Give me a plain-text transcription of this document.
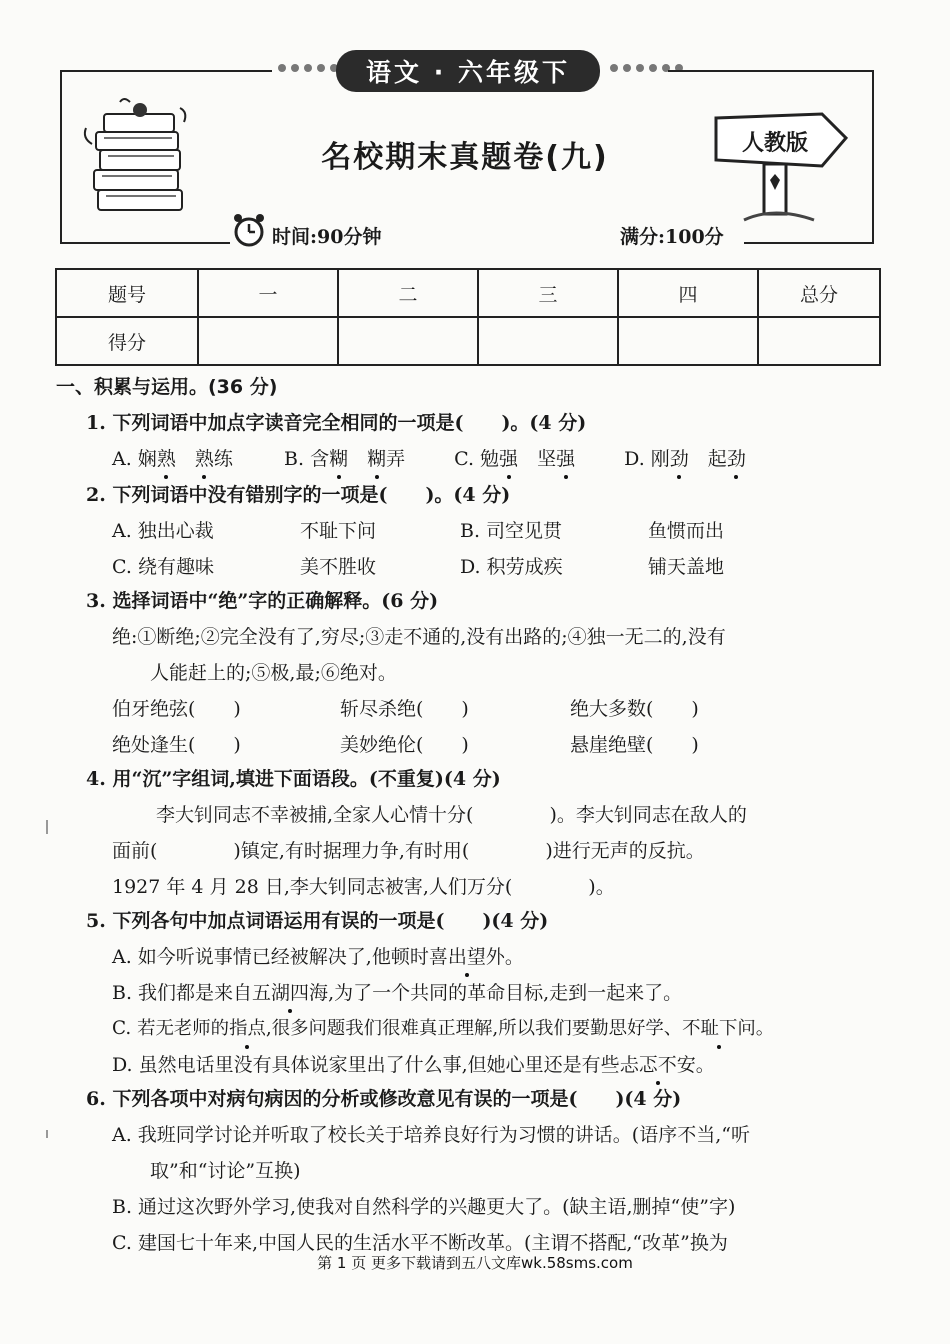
语文 · 六年级下
名校期末真题卷(九)	人教版
时间:90分钟	满分:100分
题号	一	二	三	四	总分
得分					
一、积累与运用。(36 分)
1. 下列词语中加点字读音完全相同的一项是(　　)。(4 分)
A. 娴熟　 熟练	B. 含糊　 糊弄	C. 勉强　坚强	D. 刚劲　起劲
2. 下列词语中没有错别字的一项是(　　)。(4 分)
A. 独出心裁	不耻下问	B. 司空见贯	鱼惯而出
C. 绕有趣味	美不胜收	D. 积劳成疾	铺天盖地
3. 选择词语中“绝”字的正确解释。(6 分)
绝:①断绝;②完全没有了,穷尽;③走不通的,没有出路的;④独一无二的,没有
人能赶上的;⑤极,最;⑥绝对。
伯牙绝弦(　　)	斩尽杀绝(　　)	绝大多数(　　)
绝处逢生(　　)	美妙绝伦(　　)	悬崖绝壁(　　)
4. 用“沉”字组词,填进下面语段。(不重复)(4 分)
李大钊同志不幸被捕,全家人心情十分(　　　　)。李大钊同志在敌人的
面前(　　　　)镇定,有时据理力争,有时用(　　　　)进行无声的反抗。
1927 年 4 月 28 日,李大钊同志被害,人们万分(　　　　)。
5. 下列各句中加点词语运用有误的一项是(　　)(4 分)
A. 如今听说事情已经被解决了,他顿时喜出望外。
B. 我们都是来自五湖四海,为了一个共同的革命目标,走到一起来了。
C. 若无老师的指点,很多问题我们很难真正理解,所以我们要勤思好学、不耻下问。
D. 虽然电话里没有具体说家里出了什么事,但她心里还是有些忐忑不安。
6. 下列各项中对病句病因的分析或修改意见有误的一项是(　　)(4 分)
A. 我班同学讨论并听取了校长关于培养良好行为习惯的讲话。(语序不当,“听
取”和“讨论”互换)
B. 通过这次野外学习,使我对自然科学的兴趣更大了。(缺主语,删掉“使”字)
C. 建国七十年来,中国人民的生活水平不断改革。(主谓不搭配,“改革”换为
第 1 页 更多下载请到五八文库wk.58sms.com
